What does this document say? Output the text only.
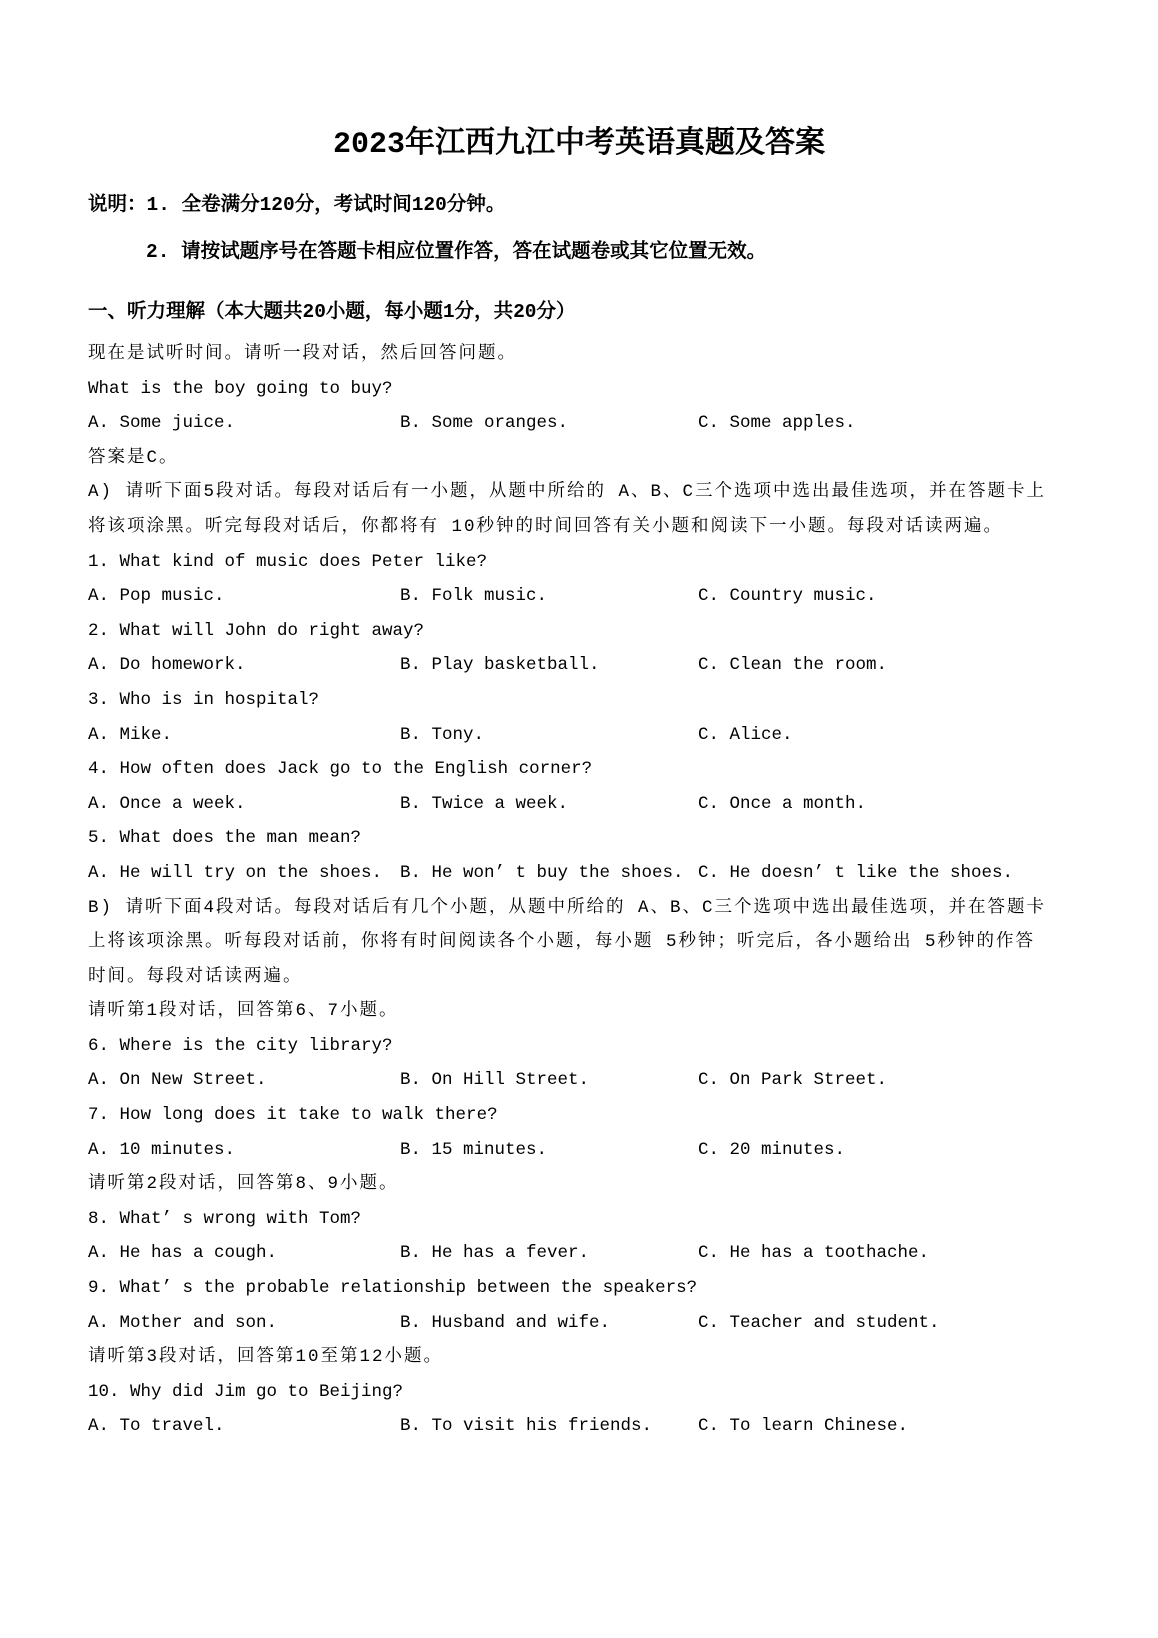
2023年江西九江中考英语真题及答案
说明：1. 全卷满分120分，考试时间120分钟。
2. 请按试题序号在答题卡相应位置作答，答在试题卷或其它位置无效。
一、听力理解（本大题共20小题，每小题1分，共20分）
现在是试听时间。请听一段对话，然后回答问题。
What is the boy going to buy?
A. Some juice.	B. Some oranges.	C. Some apples.
答案是C。
A) 请听下面5段对话。每段对话后有一小题，从题中所给的 A、B、C三个选项中选出最佳选项，并在答题卡上
将该项涂黑。听完每段对话后，你都将有 10秒钟的时间回答有关小题和阅读下一小题。每段对话读两遍。
1. What kind of music does Peter like?
A. Pop music.	B. Folk music.	C. Country music.
2. What will John do right away?
A. Do homework.	B. Play basketball.	C. Clean the room.
3. Who is in hospital?
A. Mike.	B. Tony.	C. Alice.
4. How often does Jack go to the English corner?
A. Once a week.	B. Twice a week.	C. Once a month.
5. What does the man mean?
A. He will try on the shoes.	B. He won’ t buy the shoes. C. He doesn’ t like the shoes.
B) 请听下面4段对话。每段对话后有几个小题，从题中所给的 A、B、C三个选项中选出最佳选项，并在答题卡
上将该项涂黑。听每段对话前，你将有时间阅读各个小题，每小题 5秒钟；听完后，各小题给出 5秒钟的作答
时间。每段对话读两遍。
请听第1段对话，回答第6、7小题。
6. Where is the city library?
A. On New Street.	B. On Hill Street.	C. On Park Street.
7. How long does it take to walk there?
A. 10 minutes.	B. 15 minutes.	C. 20 minutes.
请听第2段对话，回答第8、9小题。
8. What’ s wrong with Tom?
A. He has a cough.	B. He has a fever.	C. He has a toothache.
9. What’ s the probable relationship between the speakers?
A. Mother and son.	B. Husband and wife.	C. Teacher and student.
请听第3段对话，回答第10至第12小题。
10. Why did Jim go to Beijing?
A. To travel.	B. To visit his friends.	C. To learn Chinese.
